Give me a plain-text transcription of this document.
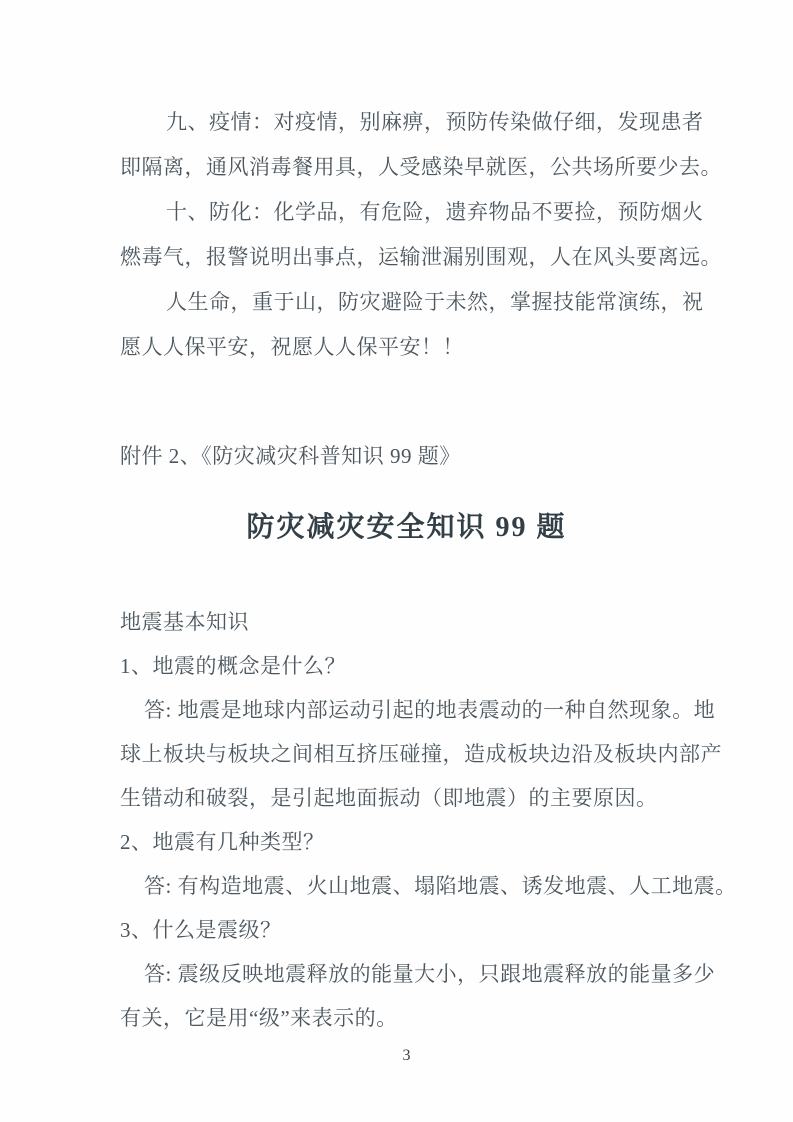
九、疫情：对疫情，别麻痹，预防传染做仔细，发现患者

即隔离，通风消毒餐用具，人受感染早就医，公共场所要少去。

十、防化：化学品，有危险，遗弃物品不要捡，预防烟火

燃毒气，报警说明出事点，运输泄漏别围观，人在风头要离远。

人生命，重于山，防灾避险于未然，掌握技能常演练，祝

愿人人保平安，祝愿人人保平安！！

附件 2、《防灾减灾科普知识 99 题》

防灾减灾安全知识 99 题

地震基本知识

1、地震的概念是什么？

答: 地震是地球内部运动引起的地表震动的一种自然现象。地

球上板块与板块之间相互挤压碰撞，造成板块边沿及板块内部产

生错动和破裂，是引起地面振动（即地震）的主要原因。

2、地震有几种类型？

答: 有构造地震、火山地震、塌陷地震、诱发地震、人工地震。

3、什么是震级？

答: 震级反映地震释放的能量大小，只跟地震释放的能量多少

有关，它是用“级”来表示的。

3
